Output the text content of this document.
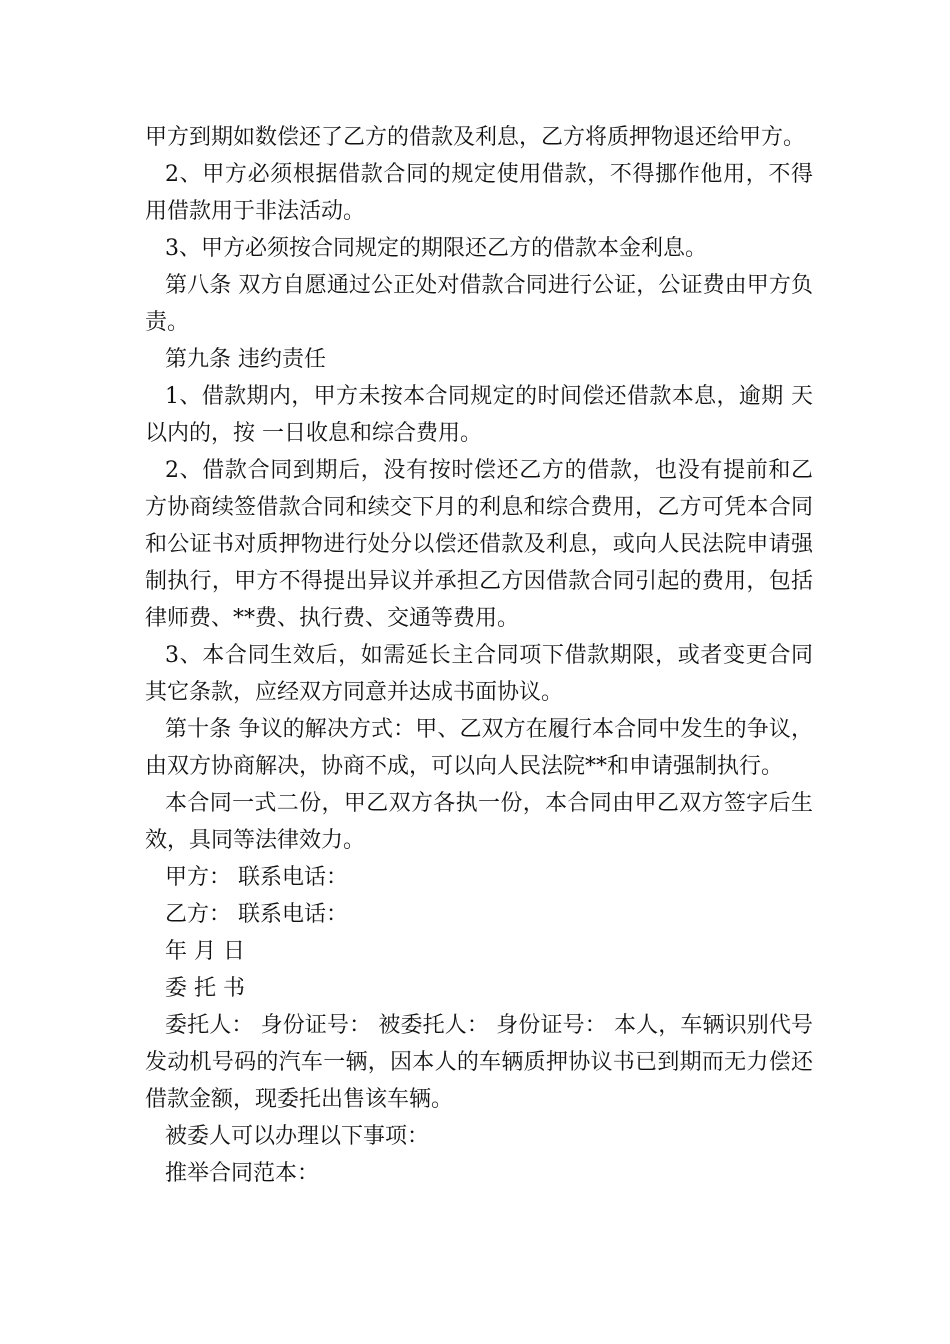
甲方到期如数偿还了乙方的借款及利息，乙方将质押物退还给甲方。

2、甲方必须根据借款合同的规定使用借款，不得挪作他用，不得用借款用于非法活动。

3、甲方必须按合同规定的期限还乙方的借款本金利息。

第八条 双方自愿通过公正处对借款合同进行公证，公证费由甲方负责。

第九条 违约责任

1、借款期内，甲方未按本合同规定的时间偿还借款本息，逾期 天以内的，按 一日收息和综合费用。

2、借款合同到期后，没有按时偿还乙方的借款，也没有提前和乙方协商续签借款合同和续交下月的利息和综合费用，乙方可凭本合同和公证书对质押物进行处分以偿还借款及利息，或向人民法院申请强制执行，甲方不得提出异议并承担乙方因借款合同引起的费用，包括律师费、**费、执行费、交通等费用。

3、本合同生效后，如需延长主合同项下借款期限，或者变更合同其它条款，应经双方同意并达成书面协议。

第十条 争议的解决方式：甲、乙双方在履行本合同中发生的争议，由双方协商解决，协商不成，可以向人民法院**和申请强制执行。

本合同一式二份，甲乙双方各执一份，本合同由甲乙双方签字后生效，具同等法律效力。

甲方： 联系电话：

乙方： 联系电话：

年 月 日

委 托 书

委托人： 身份证号： 被委托人： 身份证号： 本人，车辆识别代号发动机号码的汽车一辆，因本人的车辆质押协议书已到期而无力偿还借款金额，现委托出售该车辆。

被委人可以办理以下事项：

推举合同范本：
